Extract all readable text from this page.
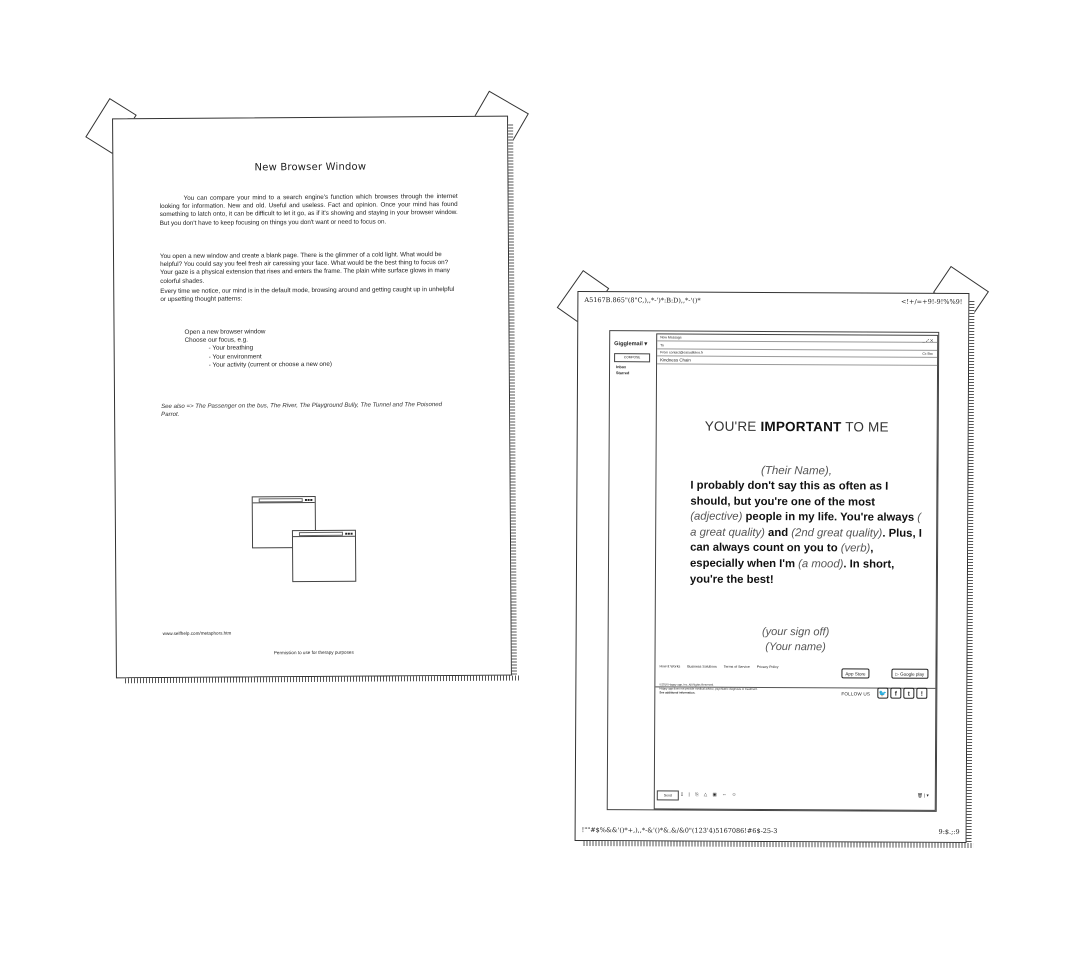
New Browser Window
You can compare your mind to a search engine's function which browses through the internet looking for information. New and old. Useful and useless. Fact and opinion. Once your mind has found something to latch onto, it can be difficult to let it go, as if it's showing and staying in your browser window. But you don't have to keep focusing on things you don't want or need to focus on.
You open a new window and create a blank page. There is the glimmer of a cold light. What would be helpful? You could say you feel fresh air caressing your face. What would be the best thing to focus on? Your gaze is a physical extension that rises and enters the frame. The plain white surface glows in many colorful shades.
Every time we notice, our mind is in the default mode, browsing around and getting caught up in unhelpful or upsetting thought patterns:
Open a new browser window
Choose our focus, e.g.
- Your breathing
- Your environment
- Your activity (current or choose a new one)
See also => The Passenger on the bus, The River, The Playground Bully, The Tunnel and The Poisoned Parrot.
▪▪▪
▪▪▪
www.selfhelp.com/metaphors.htm
Permission to use for therapy purposes
A5167B.865"(8"C,),,*-')*:B:D),,*-'()*	<!+/=+9!-9!%%9!
Gigglemail ▾
COMPOSE
Inbox
Starred
New Message
_ ⤢ ✕
To
From contact@easudfeleo.fr	Cc Bcc
Kindness Chain
YOU'RE IMPORTANT TO ME
(Their Name),
I probably don't say this as often as I should, but you're one of the most (adjective) people in my life. You're always ( a great quality) and (2nd great quality). Plus, I can always count on you to (verb), especially when I'm (a mood). In short, you're the best!
(your sign off)
(Your name)
How It Works Business Solutions Terms of Service Privacy Policy
©2016 Happy app, Inc. All Rights Reserved.
Happy app does not provide medical advice, psychiatric diagnosis or treatment.
See additional information.
App Store	▷ Google play
FOLLOW US 🐦	f	t	!
Send	▯ | ⎘ △ ▣ ⇔ ☺	🗑 | ▾
!""#$%&&'()*+,),,*-&'()*&.&/&0"(123'4)5167086!#6$-25-3	9:$.;:9
